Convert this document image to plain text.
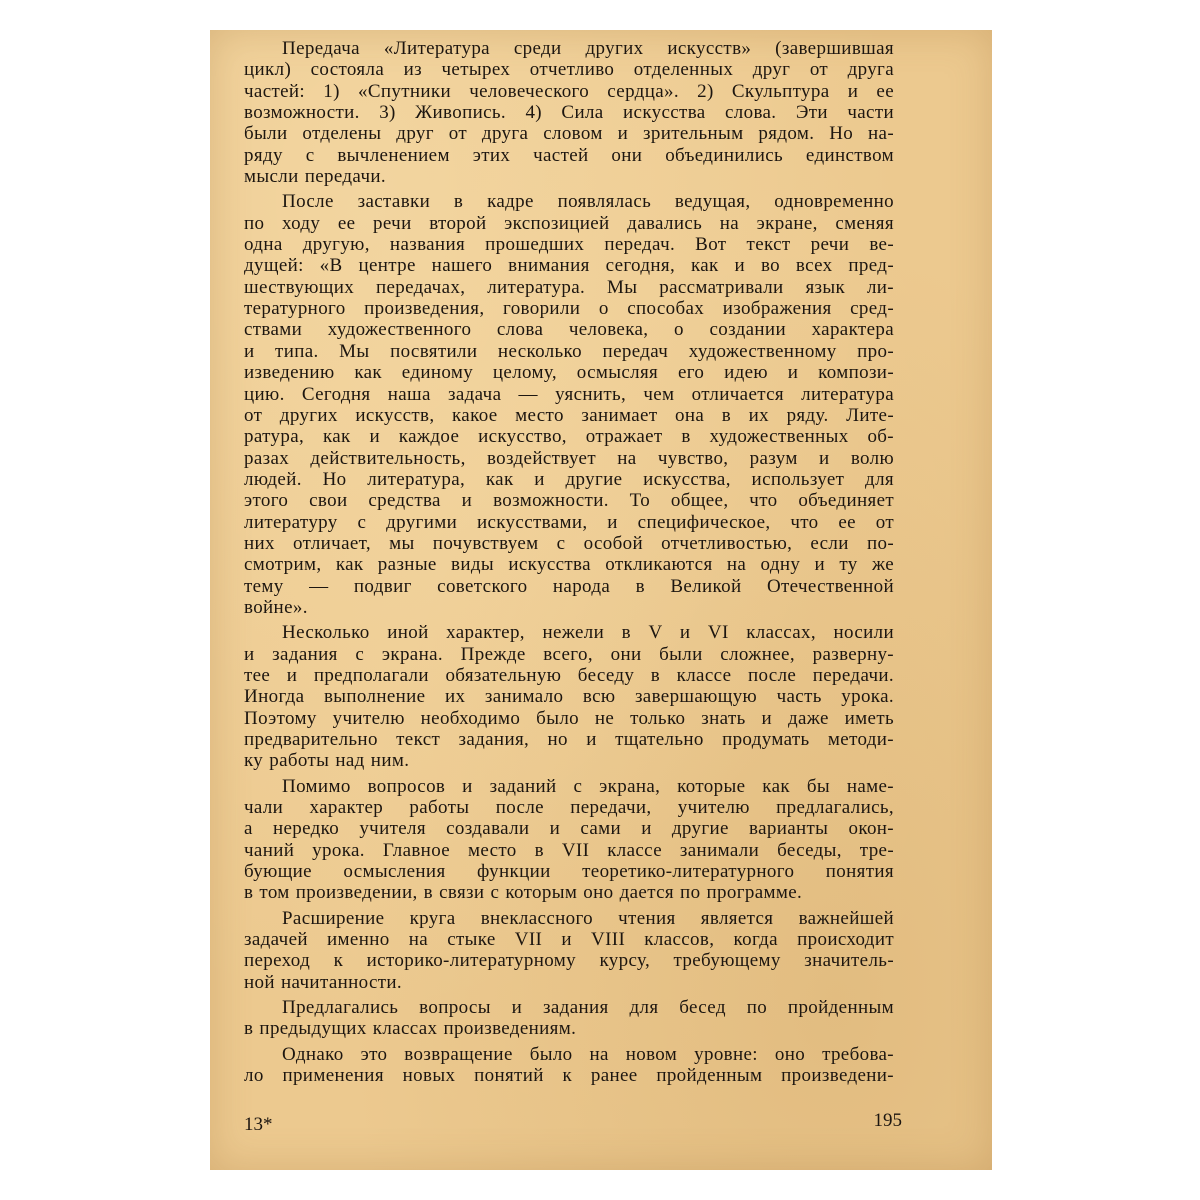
Передача «Литература среди других искусств» (завершившая
цикл) состояла из четырех отчетливо отделенных друг от друга
частей: 1) «Спутники человеческого сердца». 2) Скульптура и ее
возможности. 3) Живопись. 4) Сила искусства слова. Эти части
были отделены друг от друга словом и зрительным рядом. Но на-
ряду с вычленением этих частей они объединились единством
мысли передачи.
После заставки в кадре появлялась ведущая, одновременно
по ходу ее речи второй экспозицией давались на экране, сменяя
одна другую, названия прошедших передач. Вот текст речи ве-
дущей: «В центре нашего внимания сегодня, как и во всех пред-
шествующих передачах, литература. Мы рассматривали язык ли-
тературного произведения, говорили о способах изображения сред-
ствами художественного слова человека, о создании характера
и типа. Мы посвятили несколько передач художественному про-
изведению как единому целому, осмысляя его идею и компози-
цию. Сегодня наша задача — уяснить, чем отличается литература
от других искусств, какое место занимает она в их ряду. Лите-
ратура, как и каждое искусство, отражает в художественных об-
разах действительность, воздействует на чувство, разум и волю
людей. Но литература, как и другие искусства, использует для
этого свои средства и возможности. То общее, что объединяет
литературу с другими искусствами, и специфическое, что ее от
них отличает, мы почувствуем с особой отчетливостью, если по-
смотрим, как разные виды искусства откликаются на одну и ту же
тему — подвиг советского народа в Великой Отечественной
войне».
Несколько иной характер, нежели в V и VI классах, носили
и задания с экрана. Прежде всего, они были сложнее, разверну-
тее и предполагали обязательную беседу в классе после передачи.
Иногда выполнение их занимало всю завершающую часть урока.
Поэтому учителю необходимо было не только знать и даже иметь
предварительно текст задания, но и тщательно продумать методи-
ку работы над ним.
Помимо вопросов и заданий с экрана, которые как бы наме-
чали характер работы после передачи, учителю предлагались,
а нередко учителя создавали и сами и другие варианты окон-
чаний урока. Главное место в VII классе занимали беседы, тре-
бующие осмысления функции теоретико-литературного понятия
в том произведении, в связи с которым оно дается по программе.
Расширение круга внеклассного чтения является важнейшей
задачей именно на стыке VII и VIII классов, когда происходит
переход к историко-литературному курсу, требующему значитель-
ной начитанности.
Предлагались вопросы и задания для бесед по пройденным
в предыдущих классах произведениям.
Однако это возвращение было на новом уровне: оно требова-
ло применения новых понятий к ранее пройденным произведени-
13*	195
